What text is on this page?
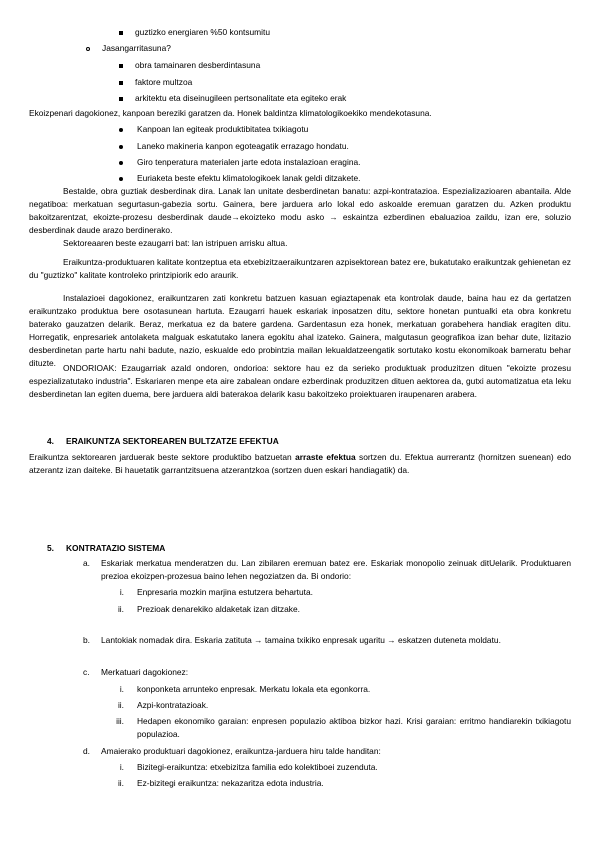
guztizko energiaren %50 kontsumitu
Jasangarritasuna?
obra tamainaren desberdintasuna
faktore multzoa
arkitektu eta diseinugileen pertsonalitate eta egiteko erak
Ekoizpenari dagokionez, kanpoan bereziki garatzen da. Honek baldintza klimatologikoekiko mendekotasuna.
Kanpoan lan egiteak produktibitatea txikiagotu
Laneko makineria kanpon egoteagatik errazago hondatu.
Giro tenperatura materialen jarte edota instalazioan eragina.
Euriaketa beste efektu klimatologikoek lanak geldi ditzakete.
Bestalde, obra guztiak desberdinak dira. Lanak lan unitate desberdinetan banatu: azpi-kontratazioa. Espezializazioaren abantaila. Alde negatiboa: merkatuan segurtasun-gabezia sortu. Gainera, bere jarduera arlo lokal edo askoalde eremuan garatzen du. Azken produktu bakoitzarentzat, ekoizte-prozesu desberdinak daude→ekoizteko modu asko → eskaintza ezberdinen ebaluazioa zaildu, izan ere, soluzio desberdinak daude arazo berdinerako.
Sektoreaaren beste ezaugarri bat: lan istripuen arrisku altua.
Eraikuntza-produktuaren kalitate kontzeptua eta etxebizitzaeraikuntzaren azpisektorean batez ere, bukatutako eraikuntzak gehienetan ez du "guztizko" kalitate kontroleko printzipiorik edo araurik.
Instalazioei dagokionez, eraikuntzaren zati konkretu batzuen kasuan egiaztapenak eta kontrolak daude, baina hau ez da gertatzen eraikuntzako produktua bere osotasunean hartuta. Ezaugarri hauek eskariak inposatzen ditu, sektore honetan puntualki eta obra konkretu baterako gauzatzen delarik. Beraz, merkatua ez da batere gardena. Gardentasun eza honek, merkatuan gorabehera handiak eragiten ditu. Horregatik, enpresariek antolaketa malguak eskatutako lanera egokitu ahal izateko. Gainera, malgutasun geografikoa izan behar dute, lizitazio desberdinetan parte hartu nahi badute, nazio, eskualde edo probintzia mailan lekualdatzeengatik sortutako kostu ekonomikoak barneratu behar dituzte. ONDORIOAK: Ezaugarriak azald ondoren, ondorioa: sektore hau ez da serieko produktuak produzitzen dituen "ekoizte prozesu espezializatutako industria". Eskariaren menpe eta aire zabalean ondare ezberdinak produzitzen dituen aektorea da, gutxi automatizatua eta leku desberdinetan lan egiten duema, bere jarduera aldi baterakoa delarik kasu bakoitzeko proiektuaren iraupenaren arabera.
4. ERAIKUNTZA SEKTOREAREN BULTZATZE EFEKTUA
Eraikuntza sektorearen jarduerak beste sektore produktibo batzuetan arraste efektua sortzen du. Efektua aurrerantz (hornitzen suenean) edo atzerantz izan daiteke. Bi hauetatik garrantzitsuena atzerantzkoa (sortzen duen eskari handiagatik) da.
5. KONTRATAZIO SISTEMA
a. Eskariak merkatua menderatzen du. Lan zibilaren eremuan batez ere. Eskariak monopolio zeinuak ditUelarik. Produktuaren prezioa ekoizpen-prozesua baino lehen negoziatzen da. Bi ondorio:
i. Enpresaria mozkin marjina estutzera behartuta.
ii. Prezioak denarekiko aldaketak izan ditzake.
b. Lantokiak nomadak dira. Eskaria zatituta → tamaina txikiko enpresak ugaritu → eskatzen duteneta moldatu.
c. Merkatuari dagokionez:
i. konponketa arrunteko enpresak. Merkatu lokala eta egonkorra.
ii. Azpi-kontratazioak.
iii. Hedapen ekonomiko garaian: enpresen populazio aktiboa bizkor hazi. Krisi garaian: erritmo handiarekin txikiagotu populazioa.
d. Amaierako produktuari dagokionez, eraikuntza-jarduera hiru talde handitan:
i. Bizitegi-eraikuntza: etxebizitza familia edo kolektiboei zuzenduta.
ii. Ez-bizitegi eraikuntza: nekazaritza edota industria.
